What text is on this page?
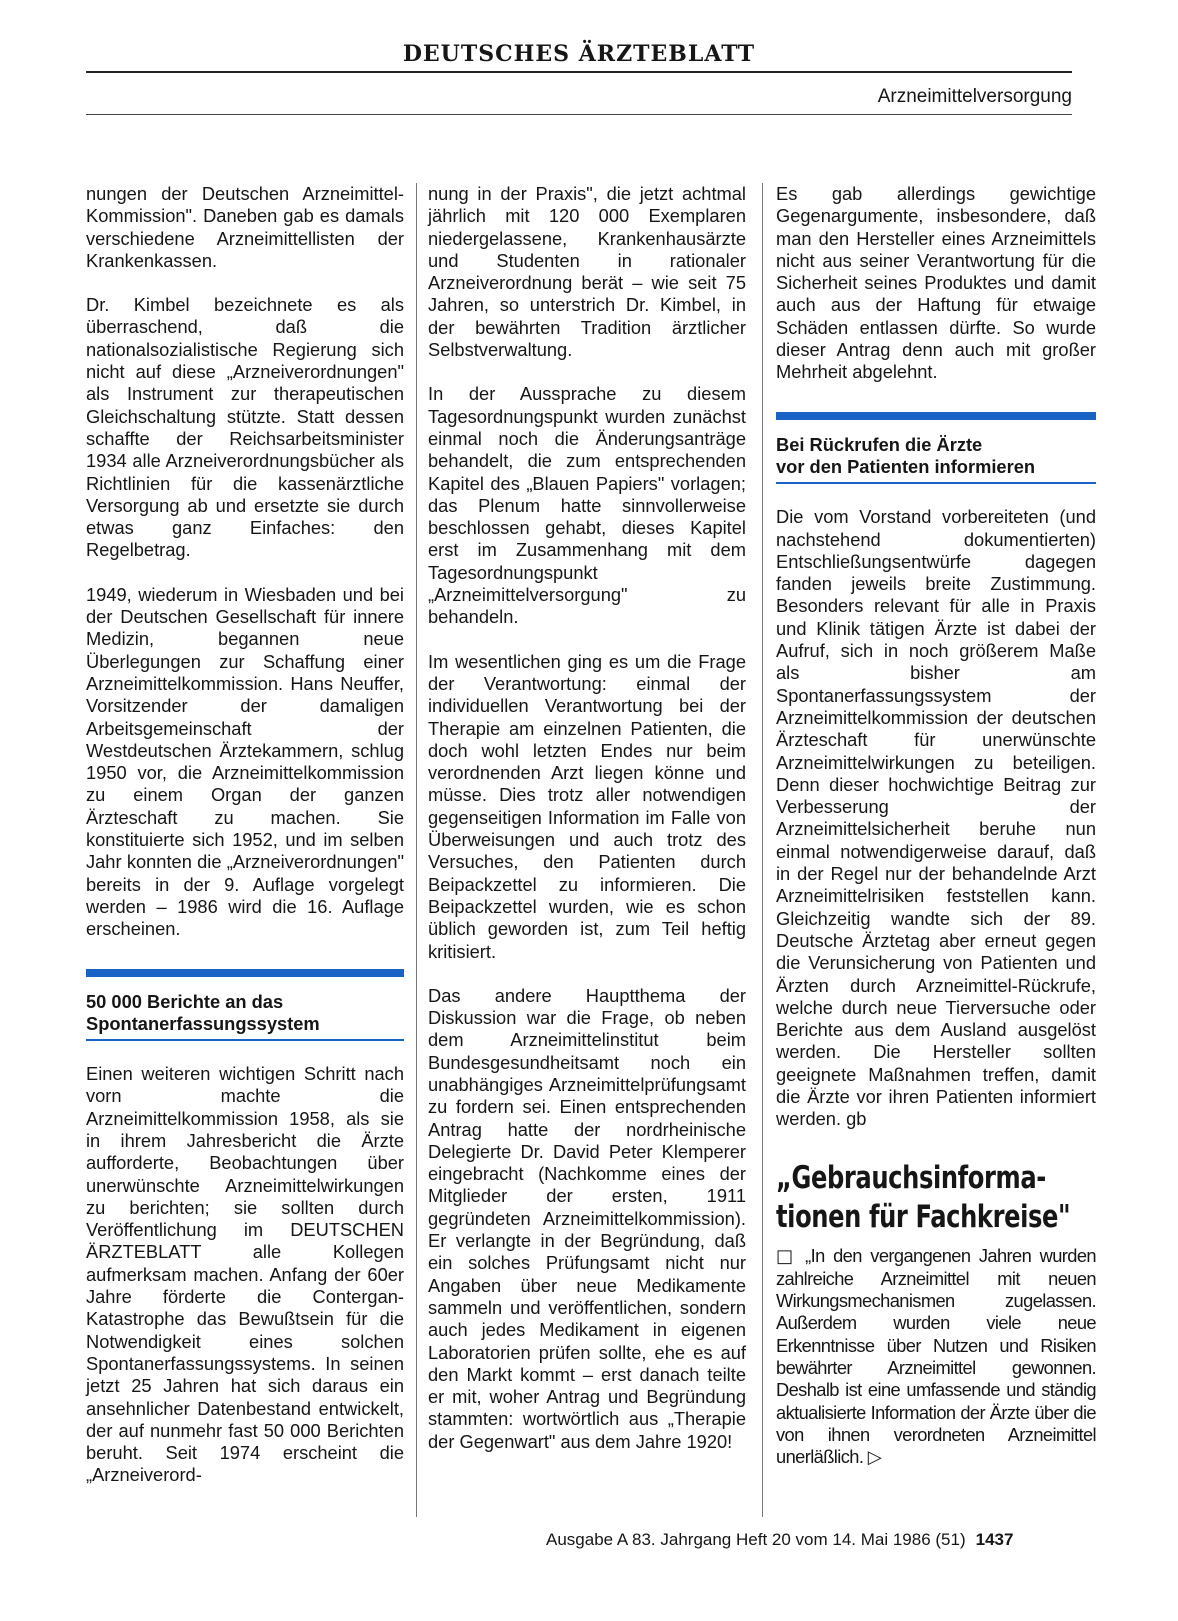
DEUTSCHES ÄRZTEBLATT
Arzneimittelversorgung

nungen der Deutschen Arzneimittel-Kommission". Daneben gab es damals verschiedene Arzneimittellisten der Krankenkassen.

Dr. Kimbel bezeichnete es als überraschend, daß die nationalsozialistische Regierung sich nicht auf diese „Arzneiverordnungen" als Instrument zur therapeutischen Gleichschaltung stützte. Statt dessen schaffte der Reichsarbeitsminister 1934 alle Arzneiverordnungsbücher als Richtlinien für die kassenärztliche Versorgung ab und ersetzte sie durch etwas ganz Einfaches: den Regelbetrag.

1949, wiederum in Wiesbaden und bei der Deutschen Gesellschaft für innere Medizin, begannen neue Überlegungen zur Schaffung einer Arzneimittelkommission. Hans Neuffer, Vorsitzender der damaligen Arbeitsgemeinschaft der Westdeutschen Ärztekammern, schlug 1950 vor, die Arzneimittelkommission zu einem Organ der ganzen Ärzteschaft zu machen. Sie konstituierte sich 1952, und im selben Jahr konnten die „Arzneiverordnungen" bereits in der 9. Auflage vorgelegt werden – 1986 wird die 16. Auflage erscheinen.

50 000 Berichte an das
Spontanerfassungssystem

Einen weiteren wichtigen Schritt nach vorn machte die Arzneimittelkommission 1958, als sie in ihrem Jahresbericht die Ärzte aufforderte, Beobachtungen über unerwünschte Arzneimittelwirkungen zu berichten; sie sollten durch Veröffentlichung im DEUTSCHEN ÄRZTEBLATT alle Kollegen aufmerksam machen. Anfang der 60er Jahre förderte die Contergan-Katastrophe das Bewußtsein für die Notwendigkeit eines solchen Spontanerfassungssystems. In seinen jetzt 25 Jahren hat sich daraus ein ansehnlicher Datenbestand entwickelt, der auf nunmehr fast 50 000 Berichten beruht. Seit 1974 erscheint die „Arzneiverord-

nung in der Praxis", die jetzt achtmal jährlich mit 120 000 Exemplaren niedergelassene, Krankenhausärzte und Studenten in rationaler Arzneiverordnung berät – wie seit 75 Jahren, so unterstrich Dr. Kimbel, in der bewährten Tradition ärztlicher Selbstverwaltung.

In der Aussprache zu diesem Tagesordnungspunkt wurden zunächst einmal noch die Änderungsanträge behandelt, die zum entsprechenden Kapitel des „Blauen Papiers" vorlagen; das Plenum hatte sinnvollerweise beschlossen gehabt, dieses Kapitel erst im Zusammenhang mit dem Tagesordnungspunkt „Arzneimittelversorgung" zu behandeln.

Im wesentlichen ging es um die Frage der Verantwortung: einmal der individuellen Verantwortung bei der Therapie am einzelnen Patienten, die doch wohl letzten Endes nur beim verordnenden Arzt liegen könne und müsse. Dies trotz aller notwendigen gegenseitigen Information im Falle von Überweisungen und auch trotz des Versuches, den Patienten durch Beipackzettel zu informieren. Die Beipackzettel wurden, wie es schon üblich geworden ist, zum Teil heftig kritisiert.

Das andere Hauptthema der Diskussion war die Frage, ob neben dem Arzneimittelinstitut beim Bundesgesundheitsamt noch ein unabhängiges Arzneimittelprüfungsamt zu fordern sei. Einen entsprechenden Antrag hatte der nordrheinische Delegierte Dr. David Peter Klemperer eingebracht (Nachkomme eines der Mitglieder der ersten, 1911 gegründeten Arzneimittelkommission). Er verlangte in der Begründung, daß ein solches Prüfungsamt nicht nur Angaben über neue Medikamente sammeln und veröffentlichen, sondern auch jedes Medikament in eigenen Laboratorien prüfen sollte, ehe es auf den Markt kommt – erst danach teilte er mit, woher Antrag und Begründung stammten: wortwörtlich aus „Therapie der Gegenwart" aus dem Jahre 1920!

Es gab allerdings gewichtige Gegenargumente, insbesondere, daß man den Hersteller eines Arzneimittels nicht aus seiner Verantwortung für die Sicherheit seines Produktes und damit auch aus der Haftung für etwaige Schäden entlassen dürfte. So wurde dieser Antrag denn auch mit großer Mehrheit abgelehnt.

Bei Rückrufen die Ärzte
vor den Patienten informieren

Die vom Vorstand vorbereiteten (und nachstehend dokumentierten) Entschließungsentwürfe dagegen fanden jeweils breite Zustimmung. Besonders relevant für alle in Praxis und Klinik tätigen Ärzte ist dabei der Aufruf, sich in noch größerem Maße als bisher am Spontanerfassungssystem der Arzneimittelkommission der deutschen Ärzteschaft für unerwünschte Arzneimittelwirkungen zu beteiligen. Denn dieser hochwichtige Beitrag zur Verbesserung der Arzneimittelsicherheit beruhe nun einmal notwendigerweise darauf, daß in der Regel nur der behandelnde Arzt Arzneimittelrisiken feststellen kann. Gleichzeitig wandte sich der 89. Deutsche Ärztetag aber erneut gegen die Verunsicherung von Patienten und Ärzten durch Arzneimittel-Rückrufe, welche durch neue Tierversuche oder Berichte aus dem Ausland ausgelöst werden. Die Hersteller sollten geeignete Maßnahmen treffen, damit die Ärzte vor ihren Patienten informiert werden. gb

„Gebrauchsinforma-
tionen für Fachkreise"

□ „In den vergangenen Jahren wurden zahlreiche Arzneimittel mit neuen Wirkungsmechanismen zugelassen. Außerdem wurden viele neue Erkenntnisse über Nutzen und Risiken bewährter Arzneimittel gewonnen. Deshalb ist eine umfassende und ständig aktualisierte Information der Ärzte über die von ihnen verordneten Arzneimittel unerläßlich. ▷

Ausgabe A 83. Jahrgang Heft 20 vom 14. Mai 1986 (51) 1437
